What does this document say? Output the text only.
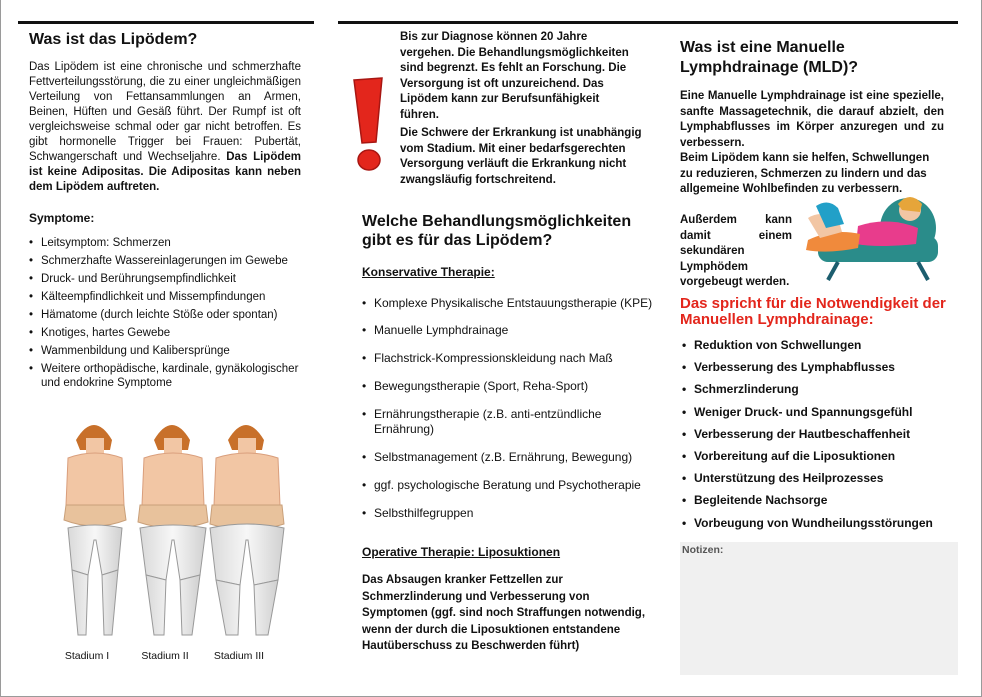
Was ist das Lipödem?
Das Lipödem ist eine chronische und schmerzhafte Fettverteilungsstörung, die zu einer ungleichmäßigen Verteilung von Fettansammlungen an Armen, Beinen, Hüften und Gesäß führt. Der Rumpf ist oft vergleichsweise schmal oder gar nicht betroffen. Es gibt hormonelle Trigger bei Frauen: Pubertät, Schwangerschaft und Wechseljahre. Das Lipödem ist keine Adipositas. Die Adipositas kann neben dem Lipödem auftreten.
Symptome:
• Leitsymptom: Schmerzen
• Schmerzhafte Wassereinlagerungen im Gewebe
• Druck- und Berührungsempfindlichkeit
• Kälteempfindlichkeit und Missempfindungen
• Hämatome (durch leichte Stöße oder spontan)
• Knotiges, hartes Gewebe
• Wammenbildung und Kalibersprünge
• Weitere orthopädische, kardinale, gynäkologischer und endokrine Symptome
Stadium I	Stadium II	Stadium III
Bis zur Diagnose können 20 Jahre vergehen. Die Behandlungsmöglichkeiten sind begrenzt. Es fehlt an Forschung. Die Versorgung ist oft unzureichend. Das Lipödem kann zur Berufsunfähigkeit führen.
Die Schwere der Erkrankung ist unabhängig vom Stadium. Mit einer bedarfsgerechten Versorgung verläuft die Erkrankung nicht zwangsläufig fortschreitend.
Welche Behandlungsmöglichkeiten gibt es für das Lipödem?
Konservative Therapie:
• Komplexe Physikalische Entstauungstherapie (KPE)
• Manuelle Lymphdrainage
• Flachstrick-Kompressionskleidung nach Maß
• Bewegungstherapie (Sport, Reha-Sport)
• Ernährungstherapie (z.B. anti-entzündliche Ernährung)
• Selbstmanagement (z.B. Ernährung, Bewegung)
• ggf. psychologische Beratung und Psychotherapie
• Selbsthilfegruppen
Operative Therapie: Liposuktionen
Das Absaugen kranker Fettzellen zur Schmerzlinderung und Verbesserung von Symptomen (ggf. sind noch Straffungen notwendig, wenn der durch die Liposuktionen entstandene Hautüberschuss zu Beschwerden führt)
Was ist eine Manuelle Lymphdrainage (MLD)?
Eine Manuelle Lymphdrainage ist eine spezielle, sanfte Massagetechnik, die darauf abzielt, den Lymphabflusses im Körper anzuregen und zu verbessern.
Beim Lipödem kann sie helfen, Schwellungen zu reduzieren, Schmerzen zu lindern und das allgemeine Wohlbefinden zu verbessern.
Außerdem kann damit einem sekundären Lymphödem vorgebeugt werden.
Das spricht für die Notwendigkeit der Manuellen Lymphdrainage:
• Reduktion von Schwellungen
• Verbesserung des Lymphabflusses
• Schmerzlinderung
• Weniger Druck- und Spannungsgefühl
• Verbesserung der Hautbeschaffenheit
• Vorbereitung auf die Liposuktionen
• Unterstützung des Heilprozesses
• Begleitende Nachsorge
• Vorbeugung von Wundheilungsstörungen
Notizen:
